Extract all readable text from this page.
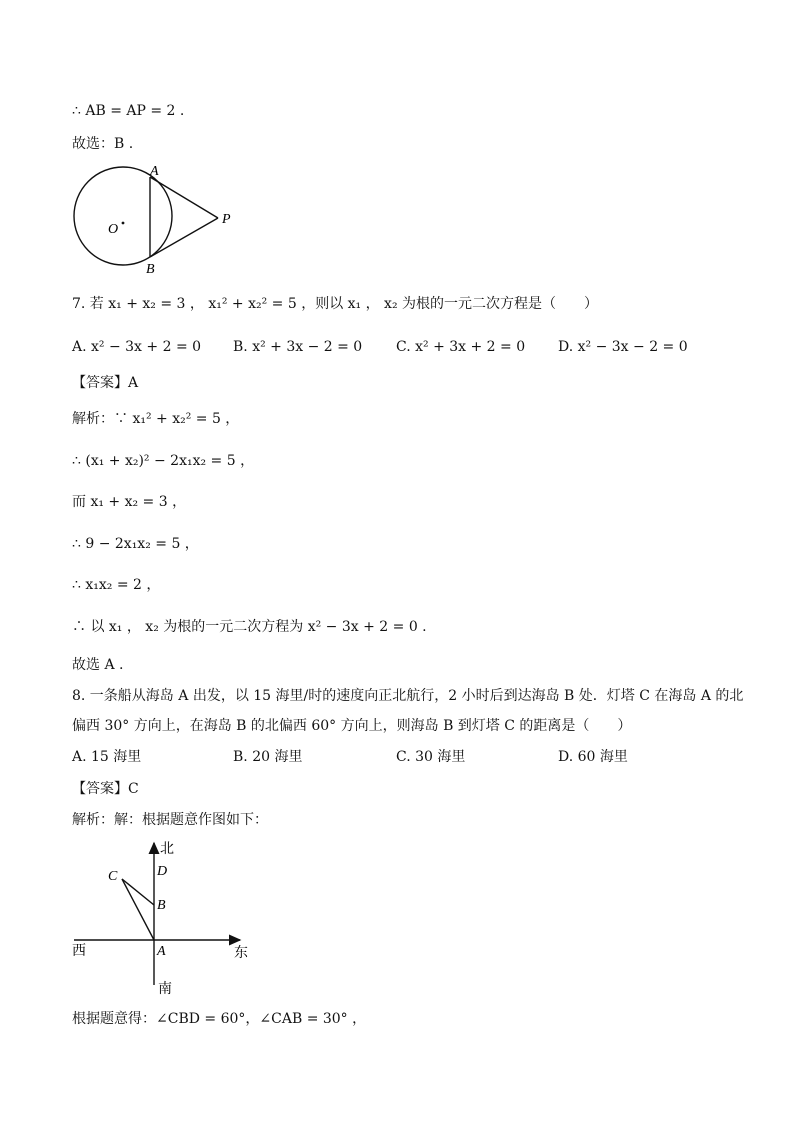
∴ AB = AP = 2 .
故选：B .
A
B
O
P
7. 若 x₁ + x₂ = 3 ， x₁² + x₂² = 5 ，则以 x₁ ， x₂ 为根的一元二次方程是（　　）
A. x² − 3x + 2 = 0 B. x² + 3x − 2 = 0 C. x² + 3x + 2 = 0 D. x² − 3x − 2 = 0
【答案】A
解析：∵ x₁² + x₂² = 5 ，
∴ (x₁ + x₂)² − 2x₁x₂ = 5 ，
而 x₁ + x₂ = 3 ，
∴ 9 − 2x₁x₂ = 5 ，
∴ x₁x₂ = 2 ，
∴ 以 x₁ ， x₂ 为根的一元二次方程为 x² − 3x + 2 = 0 .
故选 A .
8. 一条船从海岛 A 出发，以 15 海里/时的速度向正北航行，2 小时后到达海岛 B 处．灯塔 C 在海岛 A 的北
偏西 30° 方向上，在海岛 B 的北偏西 60° 方向上，则海岛 B 到灯塔 C 的距离是（　　）
A. 15 海里	B. 20 海里	C. 30 海里	D. 60 海里
【答案】C
解析：解：根据题意作图如下：
北
D
C
B
A
西	东
南
根据题意得：∠CBD = 60°，∠CAB = 30° ，
